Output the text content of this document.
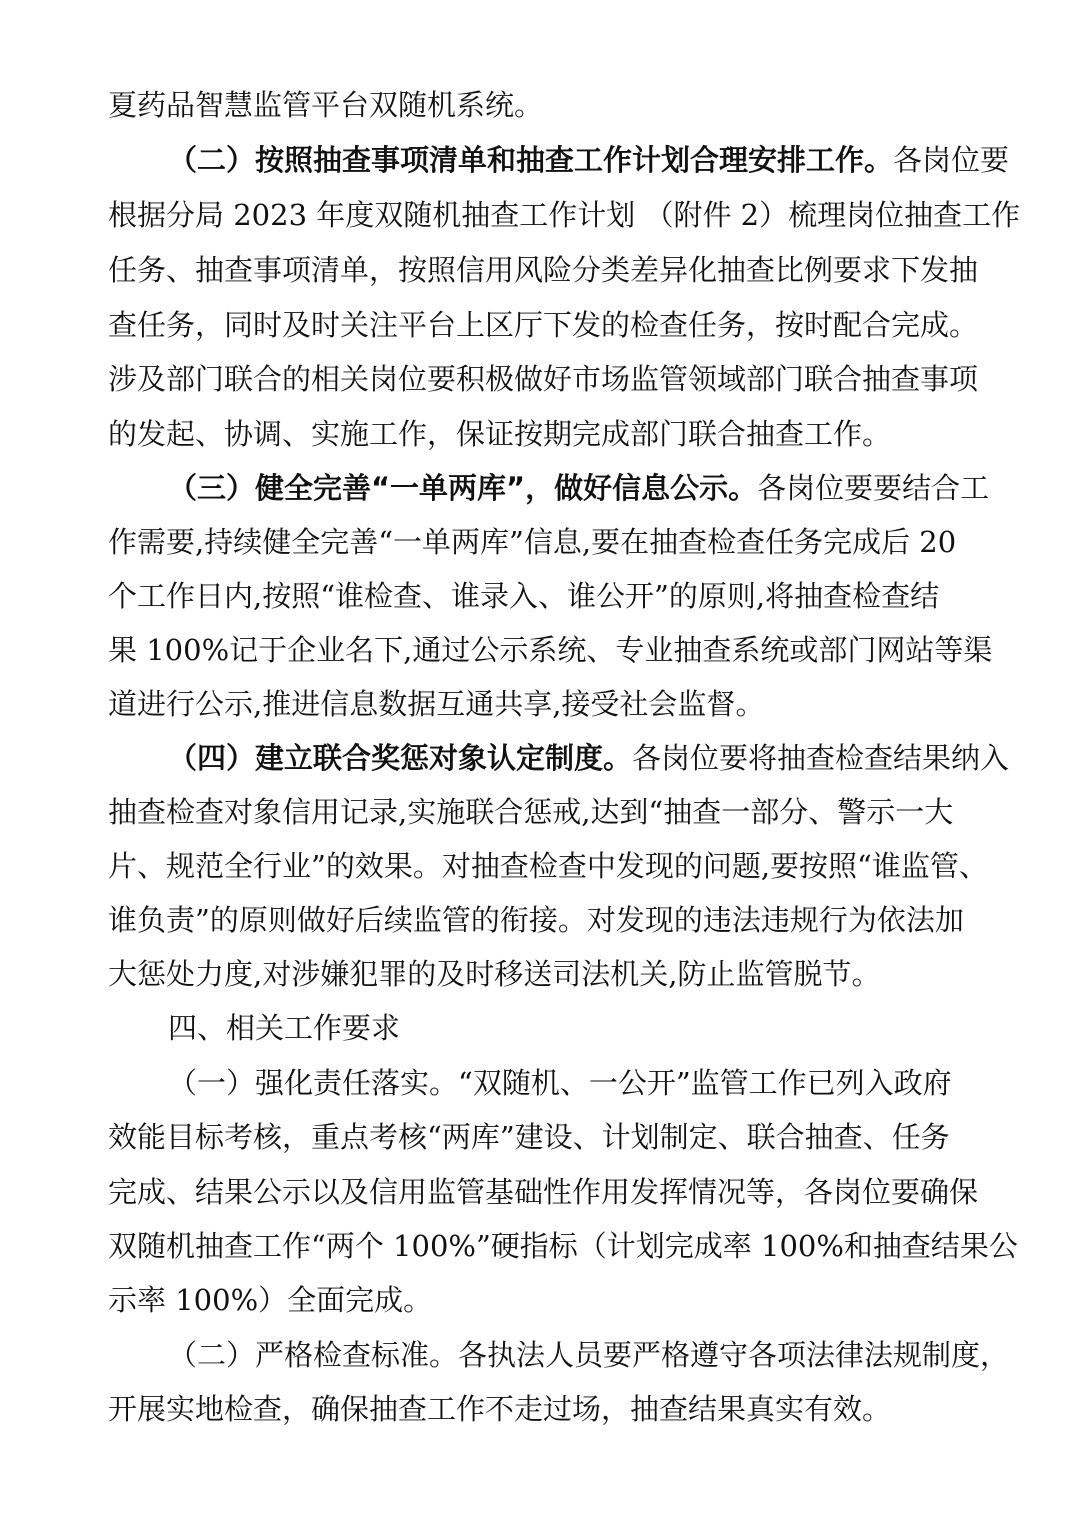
夏药品智慧监管平台双随机系统。
（二）按照抽查事项清单和抽查工作计划合理安排工作。各岗位要
根据分局 2023 年度双随机抽查工作计划 （附件 2）梳理岗位抽查工作
任务、抽查事项清单，按照信用风险分类差异化抽查比例要求下发抽
查任务，同时及时关注平台上区厅下发的检查任务，按时配合完成。
涉及部门联合的相关岗位要积极做好市场监管领域部门联合抽查事项
的发起、协调、实施工作，保证按期完成部门联合抽查工作。
（三）健全完善“一单两库”，做好信息公示。各岗位要要结合工
作需要,持续健全完善“一单两库”信息,要在抽查检查任务完成后 20
个工作日内,按照“谁检查、谁录入、谁公开”的原则,将抽查检查结
果 100%记于企业名下,通过公示系统、专业抽查系统或部门网站等渠
道进行公示,推进信息数据互通共享,接受社会监督。
（四）建立联合奖惩对象认定制度。各岗位要将抽查检查结果纳入
抽查检查对象信用记录,实施联合惩戒,达到“抽查一部分、警示一大
片、规范全行业”的效果。对抽查检查中发现的问题,要按照“谁监管、
谁负责”的原则做好后续监管的衔接。对发现的违法违规行为依法加
大惩处力度,对涉嫌犯罪的及时移送司法机关,防止监管脱节。
四、相关工作要求
（一）强化责任落实。“双随机、一公开”监管工作已列入政府
效能目标考核，重点考核“两库”建设、计划制定、联合抽查、任务
完成、结果公示以及信用监管基础性作用发挥情况等，各岗位要确保
双随机抽查工作“两个 100%”硬指标（计划完成率 100%和抽查结果公
示率 100%）全面完成。
（二）严格检查标准。各执法人员要严格遵守各项法律法规制度，
开展实地检查，确保抽查工作不走过场，抽查结果真实有效。
